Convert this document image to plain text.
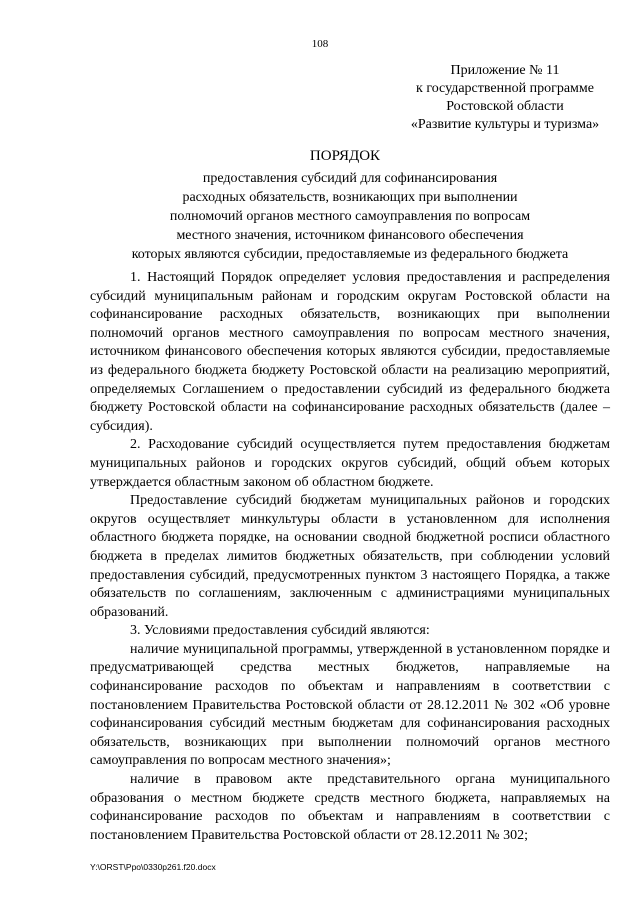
108
Приложение № 11
к государственной программе
Ростовской области
«Развитие культуры и туризма»
ПОРЯДОК
предоставления субсидий для софинансирования
расходных обязательств, возникающих при выполнении
полномочий органов местного самоуправления по вопросам
местного значения, источником финансового обеспечения
которых являются субсидии, предоставляемые из федерального бюджета

1. Настоящий Порядок определяет условия предоставления и распределения субсидий муниципальным районам и городским округам Ростовской области на софинансирование расходных обязательств, возникающих при выполнении полномочий органов местного самоуправления по вопросам местного значения, источником финансового обеспечения которых являются субсидии, предоставляемые из федерального бюджета бюджету Ростовской области на реализацию мероприятий, определяемых Соглашением о предоставлении субсидий из федерального бюджета бюджету Ростовской области на софинансирование расходных обязательств (далее – субсидия).

2. Расходование субсидий осуществляется путем предоставления бюджетам муниципальных районов и городских округов субсидий, общий объем которых утверждается областным законом об областном бюджете.

Предоставление субсидий бюджетам муниципальных районов и городских округов осуществляет минкультуры области в установленном для исполнения областного бюджета порядке, на основании сводной бюджетной росписи областного бюджета в пределах лимитов бюджетных обязательств, при соблюдении условий предоставления субсидий, предусмотренных пунктом 3 настоящего Порядка, а также обязательств по соглашениям, заключенным с администрациями муниципальных образований.

3. Условиями предоставления субсидий являются:

наличие муниципальной программы, утвержденной в установленном порядке и предусматривающей средства местных бюджетов, направляемые на софинансирование расходов по объектам и направлениям в соответствии с постановлением Правительства Ростовской области от 28.12.2011 № 302 «Об уровне софинансирования субсидий местным бюджетам для софинансирования расходных обязательств, возникающих при выполнении полномочий органов местного самоуправления по вопросам местного значения»;

наличие в правовом акте представительного органа муниципального образования о местном бюджете средств местного бюджета, направляемых на софинансирование расходов по объектам и направлениям в соответствии с постановлением Правительства Ростовской области от 28.12.2011 № 302;

Y:\ORST\Ppo\0330p261.f20.docx
